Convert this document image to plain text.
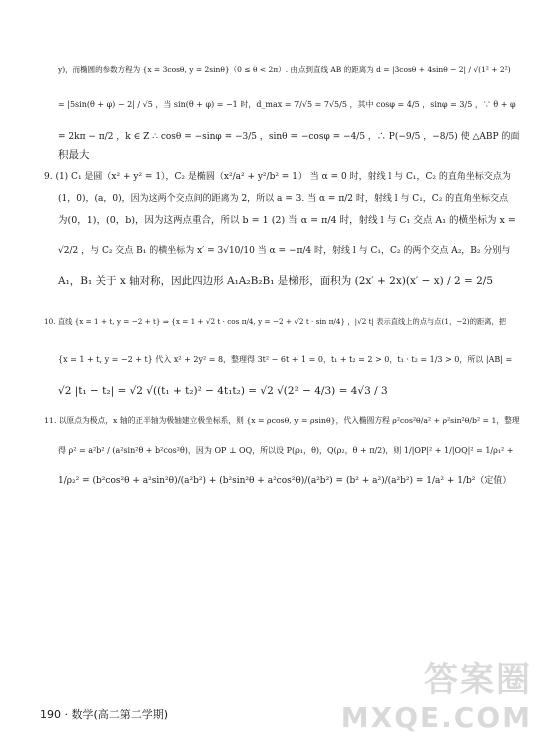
y)，而椭圆的参数方程为 {x = 3cosθ, y = 2sinθ}（0 ≤ θ < 2π）. 由点到直线 AB 的距离为 d = |3cosθ + 4sinθ − 2| / √(1² + 2²)
= |5sin(θ + φ) − 2| / √5 ，当 sin(θ + φ) = −1 时，d_max = 7/√5 = 7√5/5 ，其中 cosφ = 4/5 ，sinφ = 3/5 ，∵ θ + φ
= 2kπ − π/2 ，k ∈ Z ∴ cosθ = −sinφ = −3/5 ，sinθ = −cosφ = −4/5 ，∴ P(−9/5 ，−8/5) 使 △ABP 的面
积最大
9. (1) C₁ 是圆（x² + y² = 1），C₂ 是椭圆（x²/a² + y²/b² = 1） 当 α = 0 时，射线 l 与 C₁，C₂ 的直角坐标交点为
(1，0)，(a，0)，因为这两个交点间的距离为 2，所以 a = 3. 当 α = π/2 时，射线 l 与 C₁，C₂ 的直角坐标交点
为(0，1)，(0，b)，因为这两点重合，所以 b = 1 (2) 当 α = π/4 时，射线 l 与 C₁ 交点 A₁ 的横坐标为 x =
√2/2 ，与 C₂ 交点 B₁ 的横坐标为 x′ = 3√10/10 当 α = −π/4 时，射线 l 与 C₁，C₂ 的两个交点 A₂，B₂ 分别与
A₁，B₁ 关于 x 轴对称，因此四边形 A₁A₂B₂B₁ 是梯形，面积为 (2x′ + 2x)(x′ − x) / 2 = 2/5
10. 直线 {x = 1 + t, y = −2 + t} ⇒ {x = 1 + √2 t · cos π/4, y = −2 + √2 t · sin π/4} ，|√2 t| 表示直线上的点与点(1，−2)的距离，把
{x = 1 + t, y = −2 + t} 代入 x² + 2y² = 8，整理得 3t² − 6t + 1 = 0，t₁ + t₂ = 2 > 0，t₁ · t₂ = 1/3 > 0，所以 |AB| =
√2 |t₁ − t₂| = √2 √((t₁ + t₂)² − 4t₁t₂) = √2 √(2² − 4/3) = 4√3 / 3
11. 以原点为极点，x 轴的正半轴为极轴建立极坐标系，则 {x = ρcosθ, y = ρsinθ}，代入椭圆方程 ρ²cos²θ/a² + ρ²sin²θ/b² = 1，整理
得 ρ² = a²b² / (a²sin²θ + b²cos²θ)，因为 OP ⊥ OQ，所以设 P(ρ₁，θ)，Q(ρ₂，θ + π/2)，则 1/|OP|² + 1/|OQ|² = 1/ρ₁² +
1/ρ₂² = (b²cos²θ + a²sin²θ)/(a²b²) + (b²sin²θ + a²cos²θ)/(a²b²) = (b² + a²)/(a²b²) = 1/a² + 1/b²（定值）
190 · 数学(高二第二学期)
答案圈
MXQE.COM
